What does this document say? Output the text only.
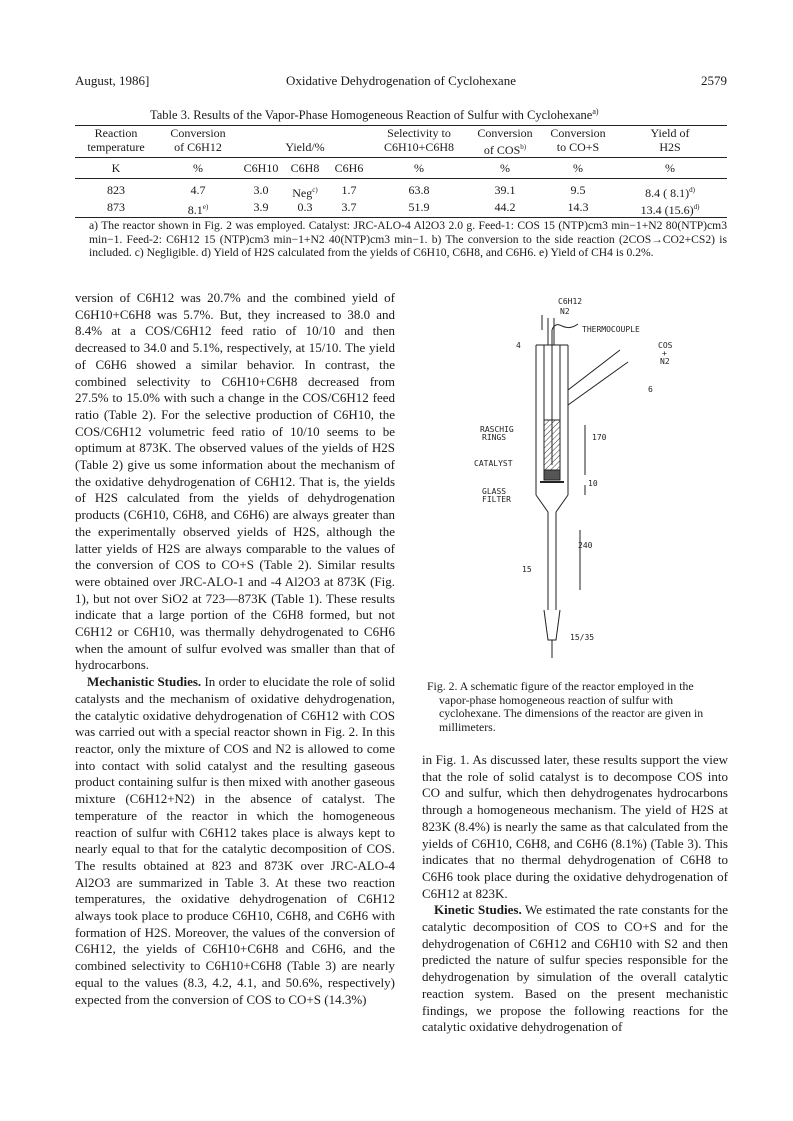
August, 1986]	Oxidative Dehydrogenation of Cyclohexane	2579
Table 3. Results of the Vapor-Phase Homogeneous Reaction of Sulfur with Cyclohexane$^{a)}$
Reaction	Conversion				Selectivity to	Conversion	Conversion	Yield of
temperature	of C6H12	Yield/%			C6H10+C6H8	of COS$^{b)}$	to CO+S	H2S
K	%	C6H10	C6H8	C6H6	%	%	%	%
823	4.7	3.0	Neg$^{c)}$	1.7	63.8	39.1	9.5	8.4 ( 8.1)$^{d)}$
873	8.1$^{e)}$	3.9	0.3	3.7	51.9	44.2	14.3	13.4 $(15.6)^{d)}$
a) The reactor shown in Fig. 2 was employed. Catalyst: JRC-ALO-4 Al2O3 2.0 g. Feed-1: COS 15 (NTP)cm3 min−1+N2 80(NTP)cm3 min−1. Feed-2: C6H12 15 (NTP)cm3 min−1+N2 40(NTP)cm3 min−1. b) The conversion to the side reaction (2COS→CO2+CS2) is included. c) Negligible. d) Yield of H2S calculated from the yields of C6H10, C6H8, and C6H6. e) Yield of CH4 is 0.2%.

version of C6H12 was 20.7% and the combined yield of C6H10+C6H8 was 5.7%. But, they increased to 38.0 and 8.4% at a COS/C6H12 feed ratio of 10/10 and then decreased to 34.0 and 5.1%, respectively, at 15/10. The yield of C6H6 showed a similar behavior. In contrast, the combined selectivity to C6H10+C6H8 decreased from 27.5% to 15.0% with such a change in the COS/C6H12 feed ratio (Table 2). For the selective production of C6H10, the COS/C6H12 volumetric feed ratio of 10/10 seems to be optimum at 873K. The observed values of the yields of H2S (Table 2) give us some information about the mechanism of the oxidative dehydrogenation of C6H12. That is, the yields of H2S calculated from the yields of dehydrogenation products (C6H10, C6H8, and C6H6) are always greater than the experimentally observed yields of H2S, although the latter yields of H2S are always comparable to the values of the conversion of COS to CO+S (Table 2). Similar results were obtained over JRC-ALO-1 and -4 Al2O3 at 873K (Fig. 1), but not over SiO2 at 723—873K (Table 1). These results indicate that a large portion of the C6H8 formed, but not C6H12 or C6H10, was thermally dehydrogenated to C6H6 when the amount of sulfur evolved was smaller than that of hydrocarbons.

Mechanistic Studies. In order to elucidate the role of solid catalysts and the mechanism of oxidative dehydrogenation, the catalytic oxidative dehydrogenation of C6H12 with COS was carried out with a special reactor shown in Fig. 2. In this reactor, only the mixture of COS and N2 is allowed to come into contact with solid catalyst and the resulting gaseous product containing sulfur is then mixed with another gaseous mixture (C6H12+N2) in the absence of catalyst. The temperature of the reactor in which the homogeneous reaction of sulfur with C6H12 takes place is always kept to nearly equal to that for the catalytic decomposition of COS. The results obtained at 823 and 873K over JRC-ALO-4 Al2O3 are summarized in Table 3. At these two reaction temperatures, the oxidative dehydrogenation of C6H12 always took place to produce C6H10, C6H8, and C6H6 with formation of H2S. Moreover, the values of the conversion of C6H12, the yields of C6H10+C6H8 and C6H6, and the combined selectivity to C6H10+C6H8 (Table 3) are nearly equal to the values (8.3, 4.2, 4.1, and 50.6%, respectively) expected from the conversion of COS to CO+S (14.3%)

C6H12
N2
THERMOCOUPLE
COS
+
N2
4
6
RASCHIG
RINGS
CATALYST
GLASS
FILTER
170
10
240
15
15/35
Fig. 2. A schematic figure of the reactor employed in the vapor-phase homogeneous reaction of sulfur with cyclohexane. The dimensions of the reactor are given in millimeters.

in Fig. 1. As discussed later, these results support the view that the role of solid catalyst is to decompose COS into CO and sulfur, which then dehydrogenates hydrocarbons through a homogeneous mechanism. The yield of H2S at 823K (8.4%) is nearly the same as that calculated from the yields of C6H10, C6H8, and C6H6 (8.1%) (Table 3). This indicates that no thermal dehydrogenation of C6H8 to C6H6 took place during the oxidative dehydrogenation of C6H12 at 823K.

Kinetic Studies. We estimated the rate constants for the catalytic decomposition of COS to CO+S and for the dehydrogenation of C6H12 and C6H10 with S2 and then predicted the nature of sulfur species responsible for the dehydrogenation by simulation of the overall catalytic reaction system. Based on the present mechanistic findings, we propose the following reactions for the catalytic oxidative dehydrogenation of
